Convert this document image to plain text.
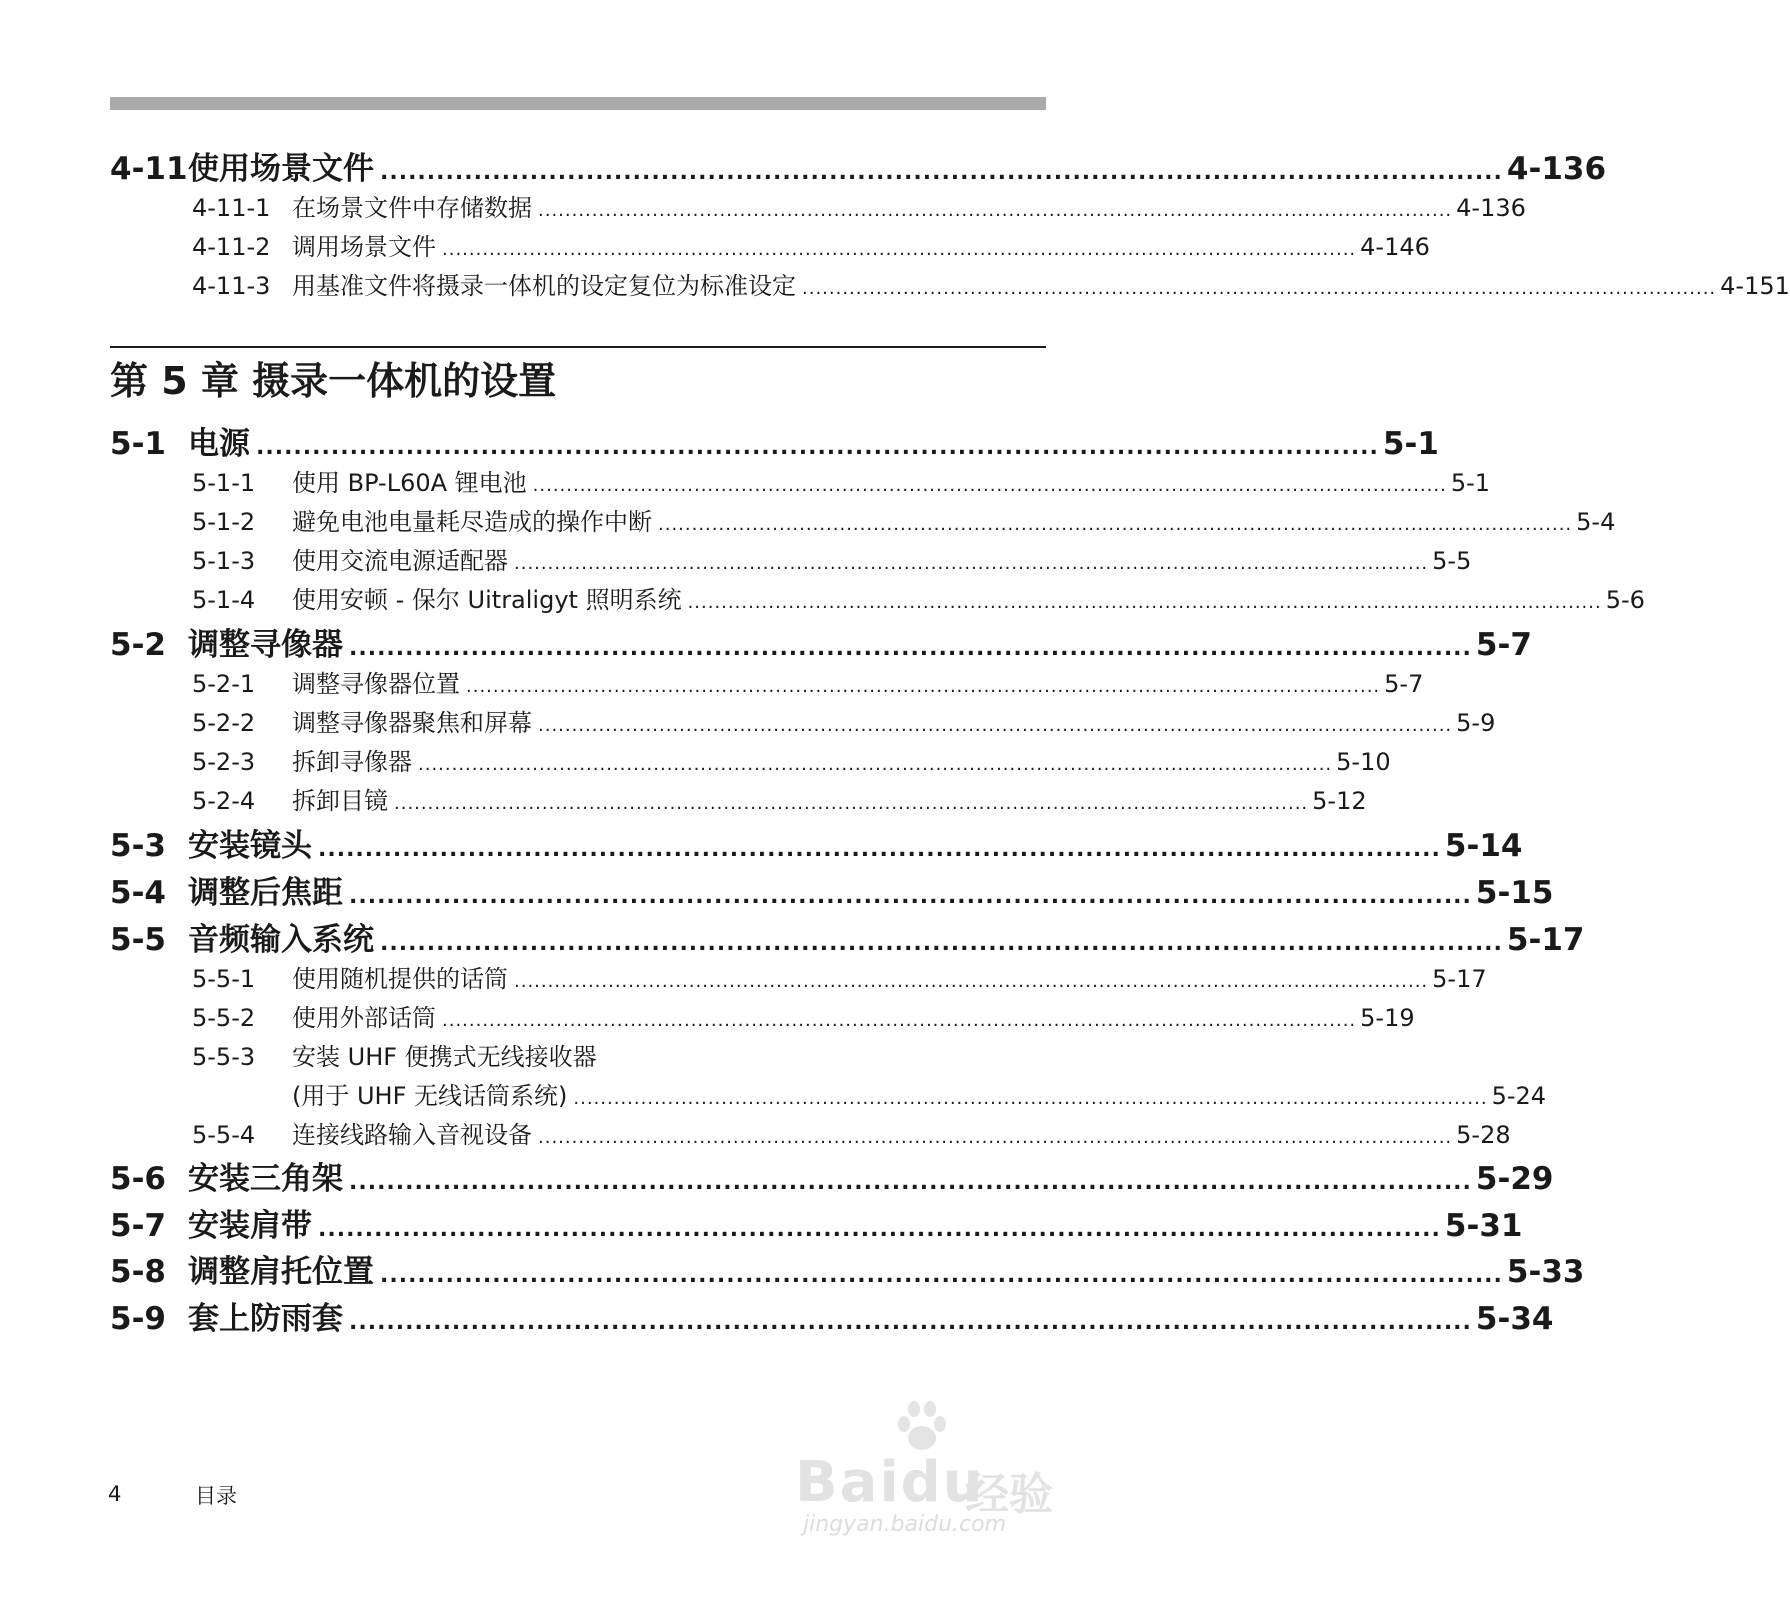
4-11 使用场景文件 ........................................................................................................................ 4-136
4-11-1 在场景文件中存储数据 ........................................................................................................................................ 4-136
4-11-2 调用场景文件 ........................................................................................................................................ 4-146
4-11-3 用基准文件将摄录一体机的设定复位为标准设定 ........................................................................................................................................ 4-151
第 5 章 摄录一体机的设置
5-1 电源 ........................................................................................................................ 5-1
5-1-1	使用 BP-L60A 锂电池 ........................................................................................................................................ 5-1
5-1-2	避免电池电量耗尽造成的操作中断 ........................................................................................................................................ 5-4
5-1-3	使用交流电源适配器 ........................................................................................................................................ 5-5
5-1-4	使用安顿 - 保尔 Uitraligyt 照明系统 ........................................................................................................................................ 5-6
5-2 调整寻像器 ........................................................................................................................ 5-7
5-2-1	调整寻像器位置 ........................................................................................................................................ 5-7
5-2-2	调整寻像器聚焦和屏幕 ........................................................................................................................................ 5-9
5-2-3	拆卸寻像器 ........................................................................................................................................ 5-10
5-2-4	拆卸目镜 ........................................................................................................................................ 5-12
5-3 安装镜头 ........................................................................................................................ 5-14
5-4 调整后焦距 ........................................................................................................................ 5-15
5-5 音频输入系统 ........................................................................................................................ 5-17
5-5-1	使用随机提供的话筒 ........................................................................................................................................ 5-17
5-5-2	使用外部话筒 ........................................................................................................................................ 5-19
5-5-3	安装 UHF 便携式无线接收器
(用于 UHF 无线话筒系统) ........................................................................................................................................ 5-24
5-5-4	连接线路输入音视设备 ........................................................................................................................................ 5-28
5-6 安装三角架 ........................................................................................................................ 5-29
5-7 安装肩带 ........................................................................................................................ 5-31
5-8 调整肩托位置 ........................................................................................................................ 5-33
5-9 套上防雨套 ........................................................................................................................ 5-34
4	目录	Baidu
经验
jingyan.baidu.com
